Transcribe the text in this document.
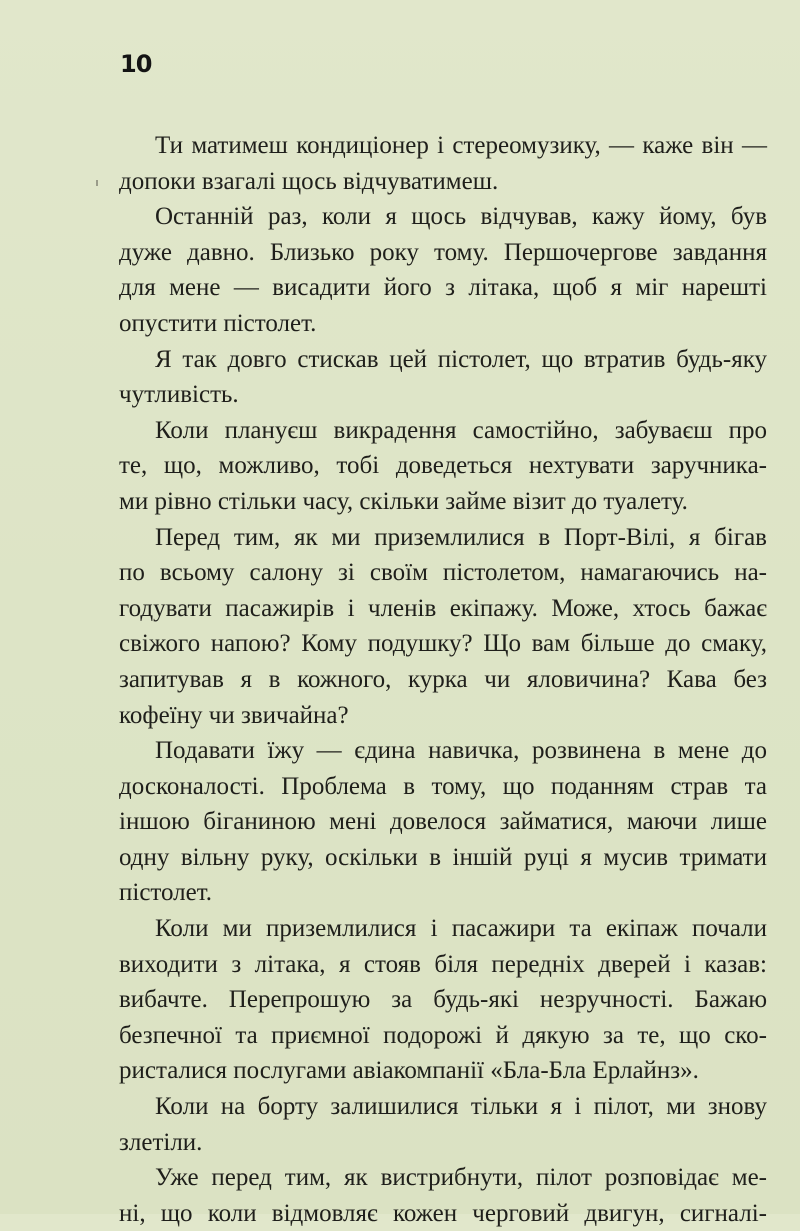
10
Ти матимеш кондиціонер і стереомузику, — каже він —
допоки взагалі щось відчуватимеш.
Останній раз, коли я щось відчував, кажу йому, був
дуже давно. Близько року тому. Першочергове завдання
для мене — висадити його з літака, щоб я міг нарешті
опустити пістолет.
Я так довго стискав цей пістолет, що втратив будь-яку
чутливість.
Коли плануєш викрадення самостійно, забуваєш про
те, що, можливо, тобі доведеться нехтувати заручника-
ми рівно стільки часу, скільки займе візит до туалету.
Перед тим, як ми приземлилися в Порт-Вілі, я бігав
по всьому салону зі своїм пістолетом, намагаючись на-
годувати пасажирів і членів екіпажу. Може, хтось бажає
свіжого напою? Кому подушку? Що вам більше до смаку,
запитував я в кожного, курка чи яловичина? Кава без
кофеїну чи звичайна?
Подавати їжу — єдина навичка, розвинена в мене до
досконалості. Проблема в тому, що поданням страв та
іншою біганиною мені довелося займатися, маючи лише
одну вільну руку, оскільки в іншій руці я мусив тримати
пістолет.
Коли ми приземлилися і пасажири та екіпаж почали
виходити з літака, я стояв біля передніх дверей і казав:
вибачте. Перепрошую за будь-які незручності. Бажаю
безпечної та приємної подорожі й дякую за те, що ско-
ристалися послугами авіакомпанії «Бла-Бла Ерлайнз».
Коли на борту залишилися тільки я і пілот, ми знову
злетіли.
Уже перед тим, як вистрибнути, пілот розповідає ме-
ні, що коли відмовляє кожен черговий двигун, сигналі-
